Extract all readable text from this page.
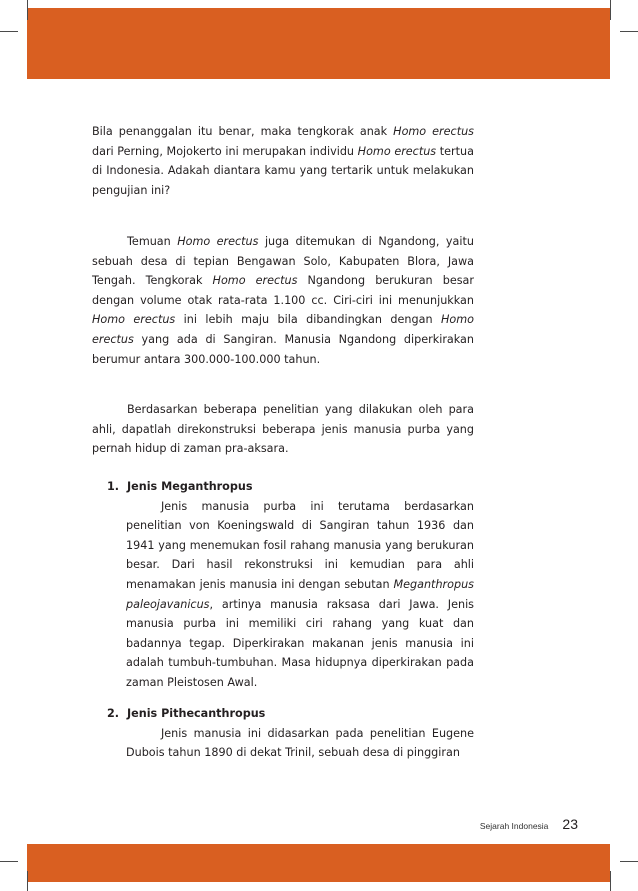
Bila penanggalan itu benar, maka tengkorak anak Homo erectus dari Perning, Mojokerto ini merupakan individu Homo erectus tertua di Indonesia. Adakah diantara kamu yang tertarik untuk melakukan pengujian ini?

Temuan Homo erectus juga ditemukan di Ngandong, yaitu sebuah desa di tepian Bengawan Solo, Kabupaten Blora, Jawa Tengah. Tengkorak Homo erectus Ngandong berukuran besar dengan volume otak rata-rata 1.100 cc. Ciri-ciri ini menunjukkan Homo erectus ini lebih maju bila dibandingkan dengan Homo erectus yang ada di Sangiran. Manusia Ngandong diperkirakan berumur antara 300.000-100.000 tahun.

Berdasarkan beberapa penelitian yang dilakukan oleh para ahli, dapatlah direkonstruksi beberapa jenis manusia purba yang pernah hidup di zaman pra-aksara.

1. Jenis Meganthropus

Jenis manusia purba ini terutama berdasarkan penelitian von Koeningswald di Sangiran tahun 1936 dan 1941 yang menemukan fosil rahang manusia yang berukuran besar. Dari hasil rekonstruksi ini kemudian para ahli menamakan jenis manusia ini dengan sebutan Meganthropus paleojavanicus, artinya manusia raksasa dari Jawa. Jenis manusia purba ini memiliki ciri rahang yang kuat dan badannya tegap. Diperkirakan makanan jenis manusia ini adalah tumbuh-tumbuhan. Masa hidupnya diperkirakan pada zaman Pleistosen Awal.

2. Jenis Pithecanthropus

Jenis manusia ini didasarkan pada penelitian Eugene Dubois tahun 1890 di dekat Trinil, sebuah desa di pinggiran

Sejarah Indonesia 23
